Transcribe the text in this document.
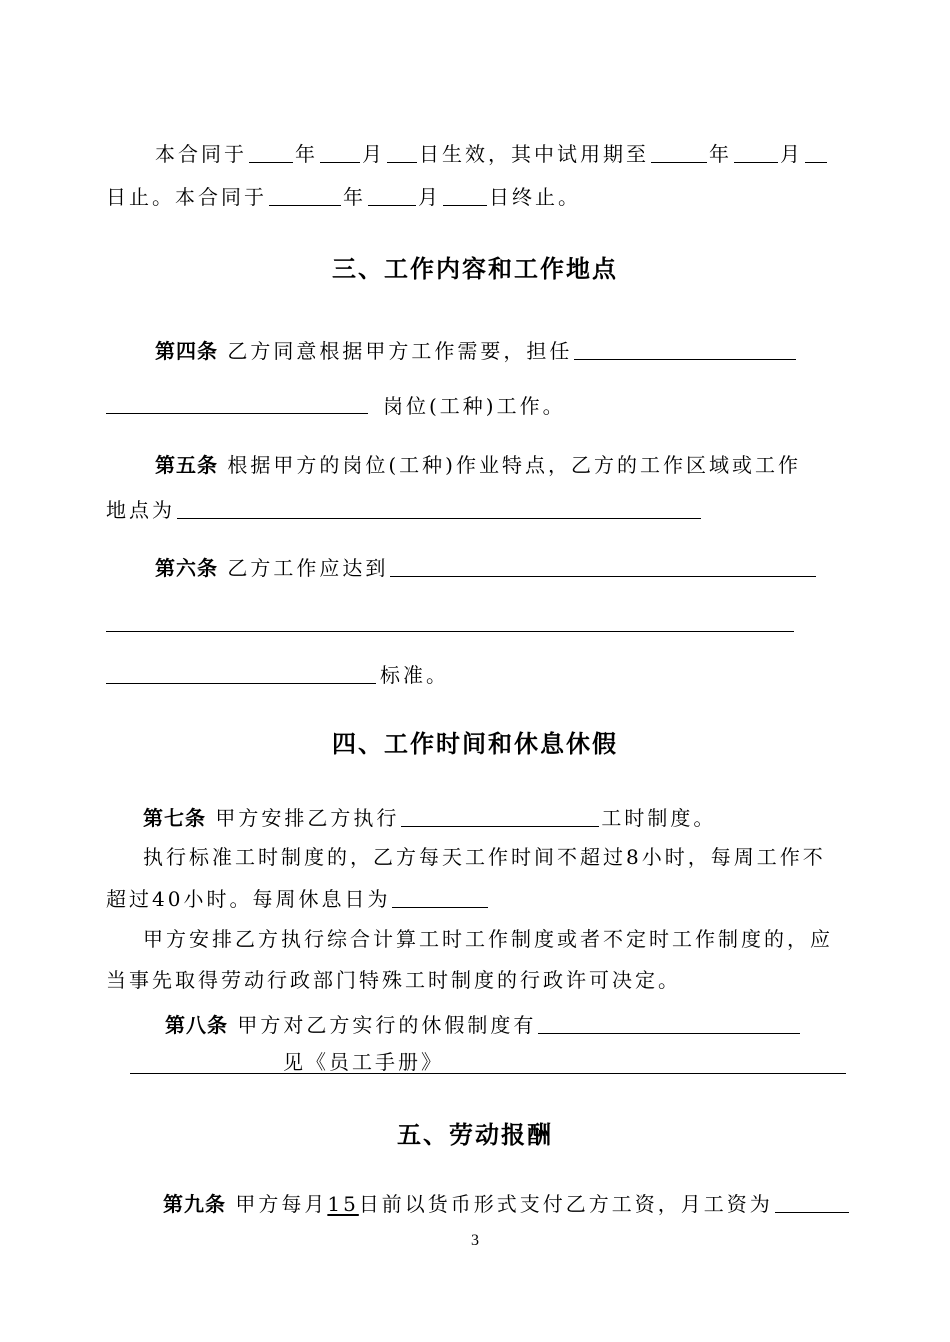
本合同于 年 月 日生效，其中试用期至	年 月
日止。本合同于	年	月 日终止。
三、工作内容和工作地点
第四条 乙方同意根据甲方工作需要，担任
岗位(工种)工作。
第五条 根据甲方的岗位(工种)作业特点，乙方的工作区域或工作
地点为
第六条 乙方工作应达到
标准。
四、工作时间和休息休假
第七条 甲方安排乙方执行	工时制度。
执行标准工时制度的，乙方每天工作时间不超过8小时，每周工作不
超过40小时。每周休息日为
甲方安排乙方执行综合计算工时工作制度或者不定时工作制度的，应
当事先取得劳动行政部门特殊工时制度的行政许可决定。
第八条 甲方对乙方实行的休假制度有
见《员工手册》
五、劳动报酬
第九条 甲方每月15日前以货币形式支付乙方工资，月工资为
3
